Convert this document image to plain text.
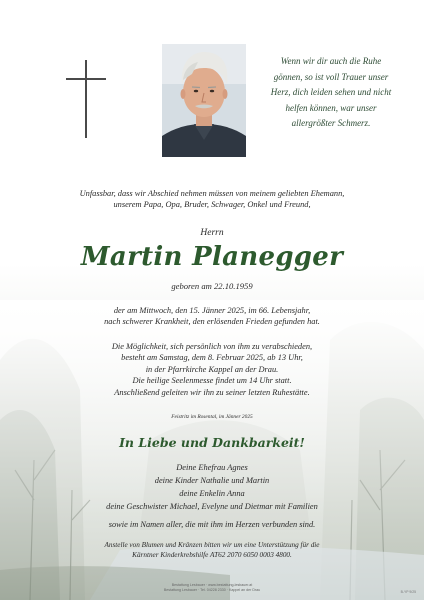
Wenn wir dir auch die Ruhe
gönnen, so ist voll Trauer unser
Herz, dich leiden sehen und nicht
helfen können, war unser
allergrößter Schmerz.
Unfassbar, dass wir Abschied nehmen müssen von meinem geliebten Ehemann,
unserem Papa, Opa, Bruder, Schwager, Onkel und Freund,
Herrn
Martin Planegger
geboren am 22.10.1959
der am Mittwoch, den 15. Jänner 2025, im 66. Lebensjahr,
nach schwerer Krankheit, den erlösenden Frieden gefunden hat.
Die Möglichkeit, sich persönlich von ihm zu verabschieden,
besteht am Samstag, dem 8. Februar 2025, ab 13 Uhr,
in der Pfarrkirche Kappel an der Drau.
Die heilige Seelenmesse findet um 14 Uhr statt.
Anschließend geleiten wir ihn zu seiner letzten Ruhestätte.
Feistritz im Rosental, im Jänner 2025
In Liebe und Dankbarkeit!
Deine Ehefrau Agnes
deine Kinder Nathalie und Martin
deine Enkelin Anna
deine Geschwister Michael, Evelyne und Dietmar mit Familien
sowie im Namen aller, die mit ihm im Herzen verbunden sind.
Anstelle von Blumen und Kränzen bitten wir um eine Unterstützung für die
Kärntner Kinderkrebshilfe AT62 2070 6050 0003 4800.
Bestattung Lesbauer · www.bestattung-lesbauer.at
Bestattung Lesbauer · Tel. 04228 2330 · Kappel an der Drau	B-YP 9/25
